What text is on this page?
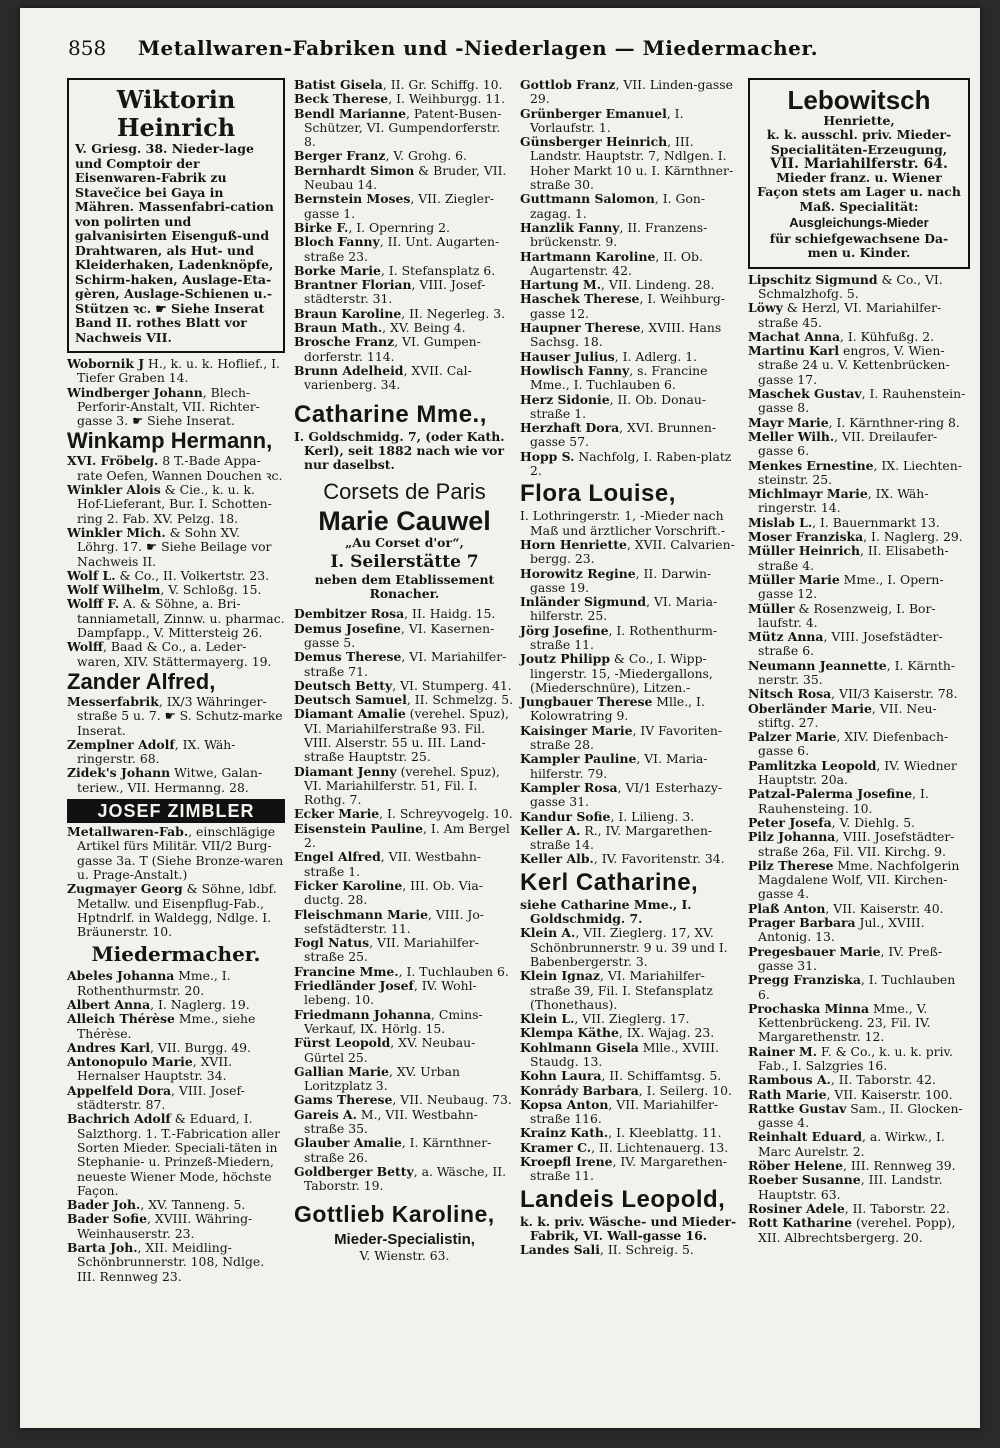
858	Metallwaren-Fabriken und -Niederlagen — Miedermacher.
Wiktorin Heinrich
V. Griesg. 38. Nieder-lage und Comptoir der Eisenwaren-Fabrik zu Stavečice bei Gaya in Mähren. Massenfabri-cation von polirten und galvanisirten Eisenguß-und Drahtwaren, als Hut- und Kleiderhaken, Ladenknöpfe, Schirm-haken, Auslage-Eta-gèren, Auslage-Schienen u.-Stützen ꝛc. ☛ Siehe Inserat Band II. rothes Blatt vor Nachweis VII.
Wobornik J H., k. u. k. Hoflief., I. Tiefer Graben 14.
Windberger Johann, Blech-Perforir-Anstalt, VII. Richter-gasse 3. ☛ Siehe Inserat.
Winkamp Hermann,
XVI. Fröbelg. 8 T.-Bade Appa-rate Oefen, Wannen Douchen ꝛc.
Winkler Alois & Cie., k. u. k. Hof-Lieferant, Bur. I. Schotten-ring 2. Fab. XV. Pelzg. 18.
Winkler Mich. & Sohn XV. Löhrg. 17. ☛ Siehe Beilage vor Nachweis II.
Wolf L. & Co., II. Volkertstr. 23.
Wolf Wilhelm, V. Schloßg. 15.
Wolff F. A. & Söhne, a. Bri-tanniametall, Zinnw. u. pharmac. Dampfapp., V. Mittersteig 26.
Wolff, Baad & Co., a. Leder-waren, XIV. Stättermayerg. 19.
Zander Alfred,
Messerfabrik, IX/3 Währinger-straße 5 u. 7. ☛ S. Schutz-marke Inserat.
Zemplner Adolf, IX. Wäh-ringerstr. 68.
Zidek's Johann Witwe, Galan-teriew., VII. Hermanng. 28.
JOSEF ZIMBLER
Metallwaren-Fab., einschlägige Artikel fürs Militär. VII/2 Burg-gasse 3a. T (Siehe Bronze-waren u. Prage-Anstalt.)
Zugmayer Georg & Söhne, ldbf. Metallw. und Eisenpflug-Fab., Hptndrlf. in Waldegg, Ndlge. I. Bräunerstr. 10.
Miedermacher.
Abeles Johanna Mme., I. Rothenthurmstr. 20.
Albert Anna, I. Naglerg. 19.
Alleich Thérèse Mme., siehe Thérèse.
Andres Karl, VII. Burgg. 49.
Antonopulo Marie, XVII. Hernalser Hauptstr. 34.
Appelfeld Dora, VIII. Josef-städterstr. 87.
Bachrich Adolf & Eduard, I. Salzthorg. 1. T.-Fabrication aller Sorten Mieder. Speciali-täten in Stephanie- u. Prinzeß-Miedern, neueste Wiener Mode, höchste Façon.
Bader Joh., XV. Tanneng. 5.
Bader Sofie, XVIII. Währing-Weinhauserstr. 23.
Barta Joh., XII. Meidling-Schönbrunnerstr. 108, Ndlge. III. Rennweg 23.
Batist Gisela, II. Gr. Schiffg. 10.
Beck Therese, I. Weihburgg. 11.
Bendl Marianne, Patent-Busen-Schützer, VI. Gumpendorferstr. 8.
Berger Franz, V. Grohg. 6.
Bernhardt Simon & Bruder, VII. Neubau 14.
Bernstein Moses, VII. Ziegler-gasse 1.
Birke F., I. Opernring 2.
Bloch Fanny, II. Unt. Augarten-straße 23.
Borke Marie, I. Stefansplatz 6.
Brantner Florian, VIII. Josef-städterstr. 31.
Braun Karoline, II. Negerleg. 3.
Braun Math., XV. Being 4.
Brosche Franz, VI. Gumpen-dorferstr. 114.
Brunn Adelheid, XVII. Cal-varienberg. 34.
Catharine Mme.,
I. Goldschmidg. 7, (oder Kath. Kerl), seit 1882 nach wie vor nur daselbst.
Corsets de Paris
Marie Cauwel
„Au Corset d'or“,
I. Seilerstätte 7
neben dem Etablissement Ronacher.
Dembitzer Rosa, II. Haidg. 15.
Demus Josefine, VI. Kasernen-gasse 5.
Demus Therese, VI. Mariahilfer-straße 71.
Deutsch Betty, VI. Stumperg. 41.
Deutsch Samuel, II. Schmelzg. 5.
Diamant Amalie (verehel. Spuz), VI. Mariahilferstraße 93. Fil. VIII. Alserstr. 55 u. III. Land-straße Hauptstr. 25.
Diamant Jenny (verehel. Spuz), VI. Mariahilferstr. 51, Fil. I. Rothg. 7.
Ecker Marie, I. Schreyvogelg. 10.
Eisenstein Pauline, I. Am Bergel 2.
Engel Alfred, VII. Westbahn-straße 1.
Ficker Karoline, III. Ob. Via-ductg. 28.
Fleischmann Marie, VIII. Jo-sefstädterstr. 11.
Fogl Natus, VII. Mariahilfer-straße 25.
Francine Mme., I. Tuchlauben 6.
Friedländer Josef, IV. Wohl-lebeng. 10.
Friedmann Johanna, Cmins-Verkauf, IX. Hörlg. 15.
Fürst Leopold, XV. Neubau-Gürtel 25.
Gallian Marie, XV. Urban Loritzplatz 3.
Gams Therese, VII. Neubaug. 73.
Gareis A. M., VII. Westbahn-straße 35.
Glauber Amalie, I. Kärnthner-straße 26.
Goldberger Betty, a. Wäsche, II. Taborstr. 19.
Gottlieb Karoline,
Mieder-Specialistin,
V. Wienstr. 63.
Gottlob Franz, VII. Linden-gasse 29.
Grünberger Emanuel, I. Vorlaufstr. 1.
Günsberger Heinrich, III. Landstr. Hauptstr. 7, Ndlgen. I. Hoher Markt 10 u. I. Kärnthner-straße 30.
Guttmann Salomon, I. Gon-zagag. 1.
Hanzlik Fanny, II. Franzens-brückenstr. 9.
Hartmann Karoline, II. Ob. Augartenstr. 42.
Hartung M., VII. Lindeng. 28.
Haschek Therese, I. Weihburg-gasse 12.
Haupner Therese, XVIII. Hans Sachsg. 18.
Hauser Julius, I. Adlerg. 1.
Howlisch Fanny, s. Francine Mme., I. Tuchlauben 6.
Herz Sidonie, II. Ob. Donau-straße 1.
Herzhaft Dora, XVI. Brunnen-gasse 57.
Hopp S. Nachfolg, I. Raben-platz 2.
Flora Louise,
I. Lothringerstr. 1, -Mieder nach Maß und ärztlicher Vorschrift.-
Horn Henriette, XVII. Calvarien-bergg. 23.
Horowitz Regine, II. Darwin-gasse 19.
Inländer Sigmund, VI. Maria-hilferstr. 25.
Jörg Josefine, I. Rothenthurm-straße 11.
Joutz Philipp & Co., I. Wipp-lingerstr. 15, -Miedergallons, (Miederschnüre), Litzen.-
Jungbauer Therese Mlle., I. Kolowratring 9.
Kaisinger Marie, IV Favoriten-straße 28.
Kampler Pauline, VI. Maria-hilferstr. 79.
Kampler Rosa, VI/1 Esterhazy-gasse 31.
Kandur Sofie, I. Lilieng. 3.
Keller A. R., IV. Margarethen-straße 14.
Keller Alb., IV. Favoritenstr. 34.
Kerl Catharine,
siehe Catharine Mme., I. Goldschmidg. 7.
Klein A., VII. Zieglerg. 17, XV. Schönbrunnerstr. 9 u. 39 und I. Babenbergerstr. 3.
Klein Ignaz, VI. Mariahilfer-straße 39, Fil. I. Stefansplatz (Thonethaus).
Klein L., VII. Zieglerg. 17.
Klempa Käthe, IX. Wajag. 23.
Kohlmann Gisela Mlle., XVIII. Staudg. 13.
Kohn Laura, II. Schiffamtsg. 5.
Konrády Barbara, I. Seilerg. 10.
Kopsa Anton, VII. Mariahilfer-straße 116.
Krainz Kath., I. Kleeblattg. 11.
Kramer C., II. Lichtenauerg. 13.
Kroepfl Irene, IV. Margarethen-straße 11.
Landeis Leopold,
k. k. priv. Wäsche- und Mieder-Fabrik, VI. Wall-gasse 16.
Landes Sali, II. Schreig. 5.
Lebowitsch
Henriette,
k. k. ausschl. priv. Mieder-Specialitäten-Erzeugung,
VII. Mariahilferstr. 64.
Mieder franz. u. Wiener Façon stets am Lager u. nach Maß. Specialität:
Ausgleichungs-Mieder
für schiefgewachsene Da-men u. Kinder.
Lipschitz Sigmund & Co., VI. Schmalzhofg. 5.
Löwy & Herzl, VI. Mariahilfer-straße 45.
Machat Anna, I. Kühfußg. 2.
Martinu Karl engros, V. Wien-straße 24 u. V. Kettenbrücken-gasse 17.
Maschek Gustav, I. Rauhenstein-gasse 8.
Mayr Marie, I. Kärnthner-ring 8.
Meller Wilh., VII. Dreilaufer-gasse 6.
Menkes Ernestine, IX. Liechten-steinstr. 25.
Michlmayr Marie, IX. Wäh-ringerstr. 14.
Mislab L., I. Bauernmarkt 13.
Moser Franziska, I. Naglerg. 29.
Müller Heinrich, II. Elisabeth-straße 4.
Müller Marie Mme., I. Opern-gasse 12.
Müller & Rosenzweig, I. Bor-laufstr. 4.
Mütz Anna, VIII. Josefstädter-straße 6.
Neumann Jeannette, I. Kärnth-nerstr. 35.
Nitsch Rosa, VII/3 Kaiserstr. 78.
Oberländer Marie, VII. Neu-stiftg. 27.
Palzer Marie, XIV. Diefenbach-gasse 6.
Pamlitzka Leopold, IV. Wiedner Hauptstr. 20a.
Patzal-Palerma Josefine, I. Rauhensteing. 10.
Peter Josefa, V. Diehlg. 5.
Pilz Johanna, VIII. Josefstädter-straße 26a, Fil. VII. Kirchg. 9.
Pilz Therese Mme. Nachfolgerin Magdalene Wolf, VII. Kirchen-gasse 4.
Plaß Anton, VII. Kaiserstr. 40.
Prager Barbara Jul., XVIII. Antonig. 13.
Pregesbauer Marie, IV. Preß-gasse 31.
Pregg Franziska, I. Tuchlauben 6.
Prochaska Minna Mme., V. Kettenbrückeng. 23, Fil. IV. Margarethenstr. 12.
Rainer M. F. & Co., k. u. k. priv. Fab., I. Salzgries 16.
Rambous A., II. Taborstr. 42.
Rath Marie, VII. Kaiserstr. 100.
Rattke Gustav Sam., II. Glocken-gasse 4.
Reinhalt Eduard, a. Wirkw., I. Marc Aurelstr. 2.
Röber Helene, III. Rennweg 39.
Roeber Susanne, III. Landstr. Hauptstr. 63.
Rosiner Adele, II. Taborstr. 22.
Rott Katharine (verehel. Popp), XII. Albrechtsbergerg. 20.
